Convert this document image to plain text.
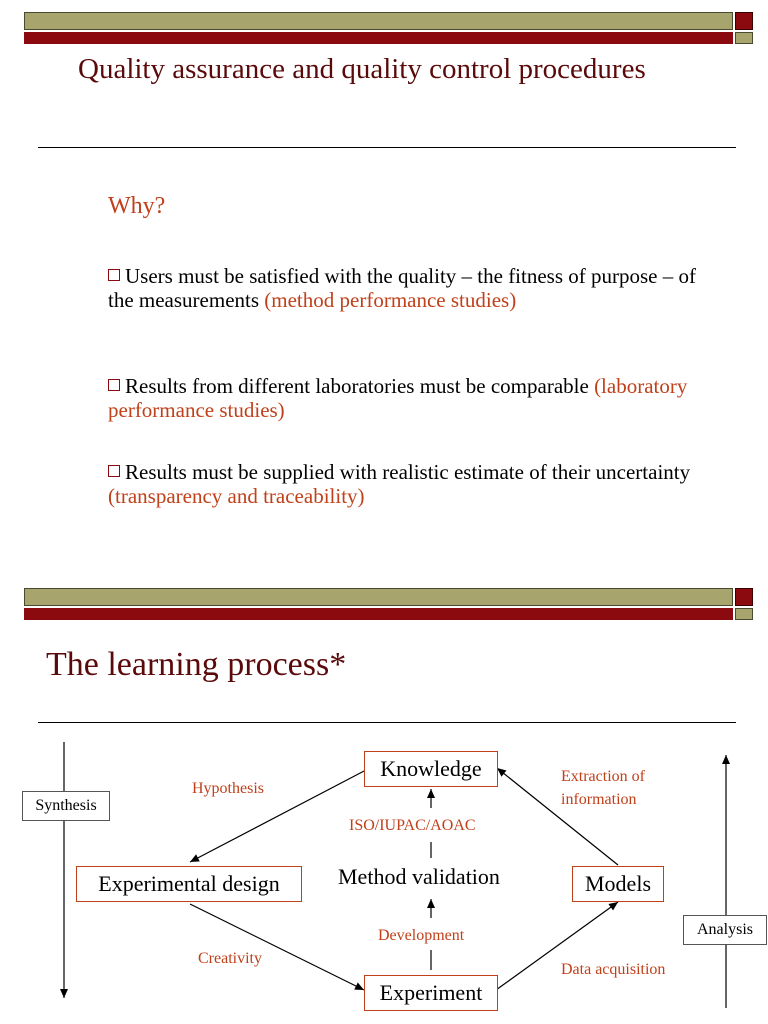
Quality assurance and quality control procedures
Why?
Users must be satisfied with the quality – the fitness of purpose – of the measurements (method performance studies)
Results from different laboratories must be comparable (laboratory performance studies)
Results must be supplied with realistic estimate of their uncertainty (transparency and traceability)
The learning process*
Synthesis
Analysis
Knowledge
Experimental design	Models
Experiment
Method validation
Hypothesis
Extraction of
information
ISO/IUPAC/AOAC
Development
Creativity
Data acquisition
